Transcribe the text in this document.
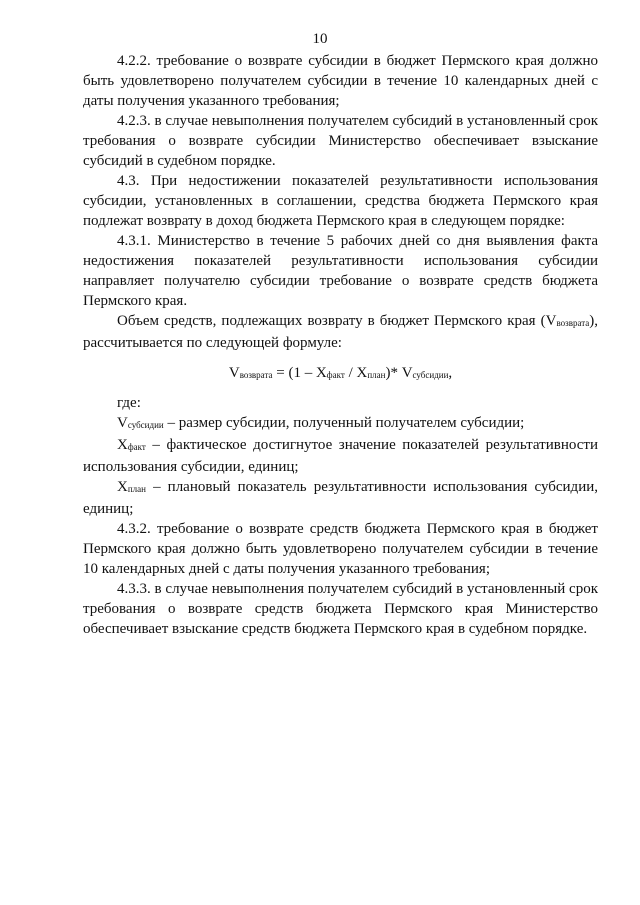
10

4.2.2. требование о возврате субсидии в бюджет Пермского края должно быть удовлетворено получателем субсидии в течение 10 календарных дней с даты получения указанного требования;

4.2.3. в случае невыполнения получателем субсидий в установленный срок требования о возврате субсидии Министерство обеспечивает взыскание субсидий в судебном порядке.

4.3. При недостижении показателей результативности использования субсидии, установленных в соглашении, средства бюджета Пермского края подлежат возврату в доход бюджета Пермского края в следующем порядке:

4.3.1. Министерство в течение 5 рабочих дней со дня выявления факта недостижения показателей результативности использования субсидии направляет получателю субсидии требование о возврате средств бюджета Пермского края.

Объем средств, подлежащих возврату в бюджет Пермского края (Vвозврата), рассчитывается по следующей формуле:

Vвозврата = (1 – Xфакт / Xплан)* Vсубсидии,

где:

Vсубсидии – размер субсидии, полученный получателем субсидии;

Xфакт – фактическое достигнутое значение показателей результативности использования субсидии, единиц;

Xплан – плановый показатель результативности использования субсидии, единиц;

4.3.2. требование о возврате средств бюджета Пермского края в бюджет Пермского края должно быть удовлетворено получателем субсидии в течение 10 календарных дней с даты получения указанного требования;

4.3.3. в случае невыполнения получателем субсидий в установленный срок требования о возврате средств бюджета Пермского края Министерство обеспечивает взыскание средств бюджета Пермского края в судебном порядке.
